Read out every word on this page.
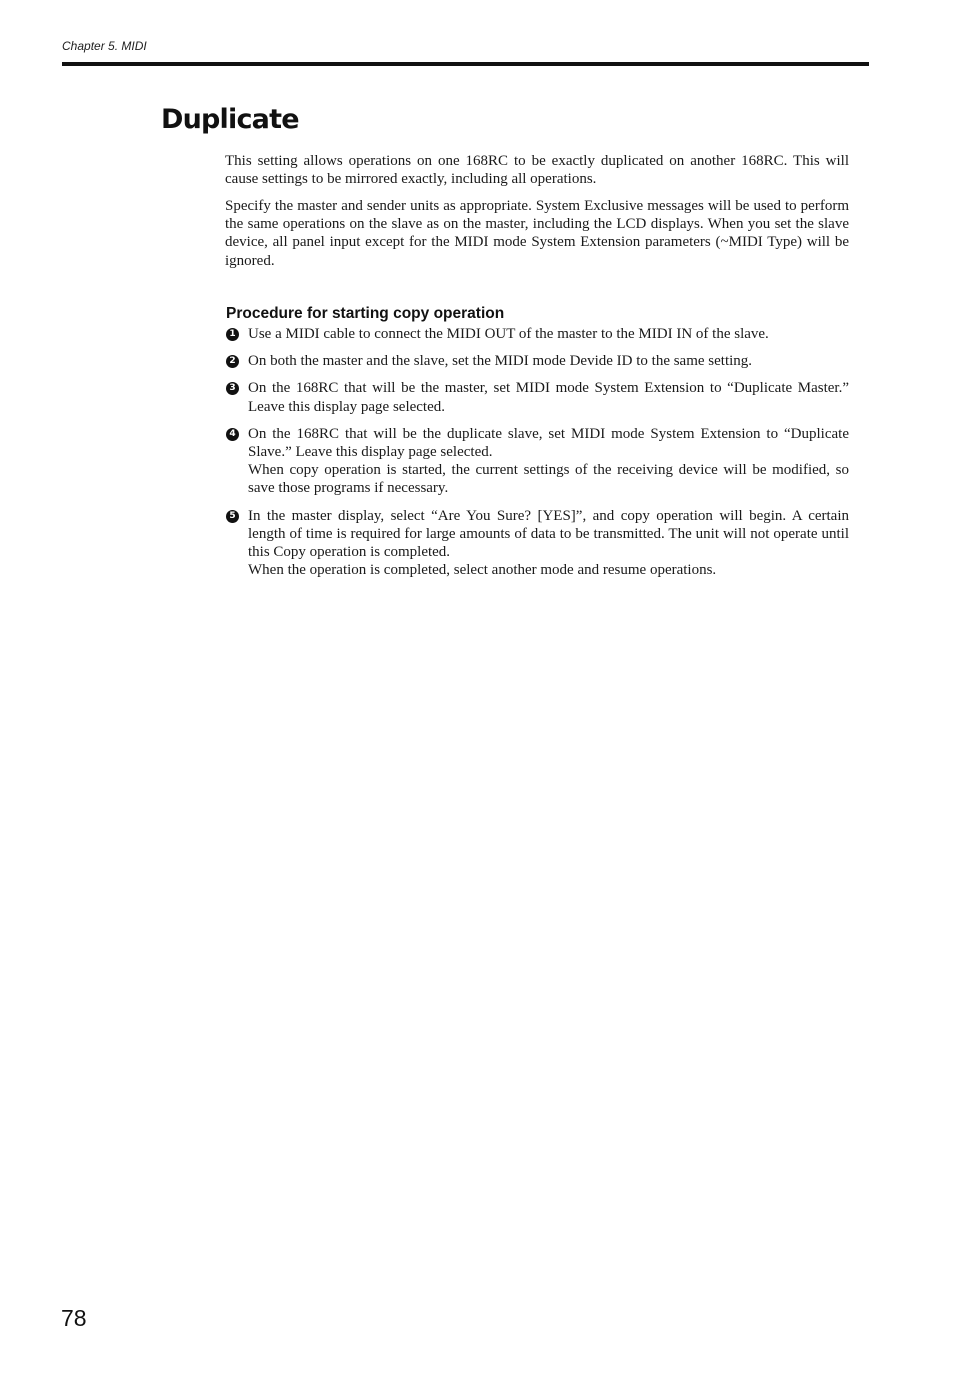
Chapter 5. MIDI
Duplicate

This setting allows operations on one 168RC to be exactly duplicated on another 168RC. This will cause settings to be mirrored exactly, including all operations.

Specify the master and sender units as appropriate. System Exclusive messages will be used to perform the same operations on the slave as on the master, including the LCD displays. When you set the slave device, all panel input except for the MIDI mode System Extension parameters (~MIDI Type) will be ignored.

Procedure for starting copy operation
1 Use a MIDI cable to connect the MIDI OUT of the master to the MIDI IN of the slave.
2 On both the master and the slave, set the MIDI mode Devide ID to the same setting.
3 On the 168RC that will be the master, set MIDI mode System Extension to “Duplicate Master.” Leave this display page selected.
4 On the 168RC that will be the duplicate slave, set MIDI mode System Extension to “Duplicate Slave.” Leave this display page selected.
When copy operation is started, the current settings of the receiving device will be modified, so save those programs if necessary.
5 In the master display, select “Are You Sure? [YES]”, and copy operation will begin. A certain length of time is required for large amounts of data to be transmitted. The unit will not operate until this Copy operation is completed.
When the operation is completed, select another mode and resume operations.
78
